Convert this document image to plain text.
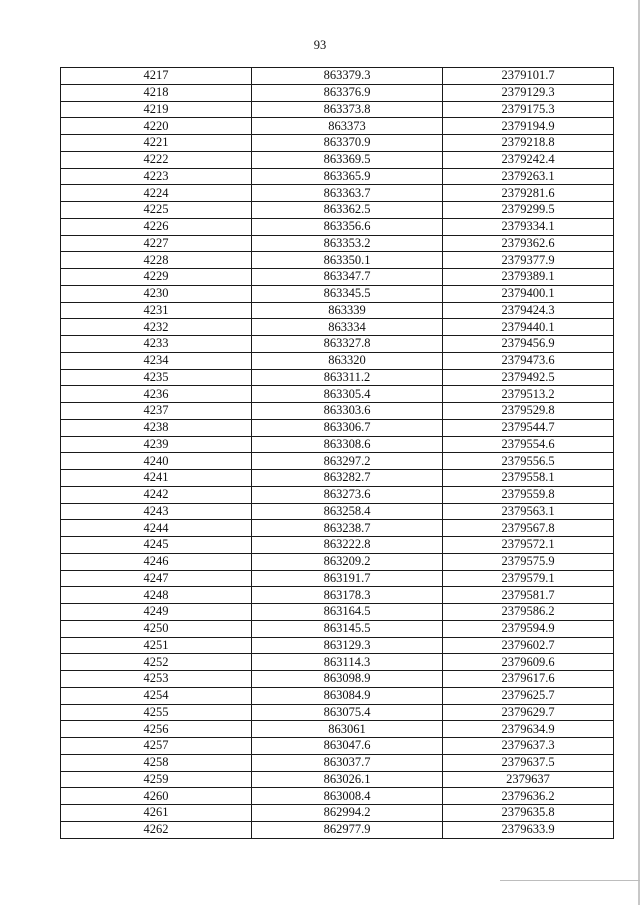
93
4217	863379.3	2379101.7
4218	863376.9	2379129.3
4219	863373.8	2379175.3
4220	863373	2379194.9
4221	863370.9	2379218.8
4222	863369.5	2379242.4
4223	863365.9	2379263.1
4224	863363.7	2379281.6
4225	863362.5	2379299.5
4226	863356.6	2379334.1
4227	863353.2	2379362.6
4228	863350.1	2379377.9
4229	863347.7	2379389.1
4230	863345.5	2379400.1
4231	863339	2379424.3
4232	863334	2379440.1
4233	863327.8	2379456.9
4234	863320	2379473.6
4235	863311.2	2379492.5
4236	863305.4	2379513.2
4237	863303.6	2379529.8
4238	863306.7	2379544.7
4239	863308.6	2379554.6
4240	863297.2	2379556.5
4241	863282.7	2379558.1
4242	863273.6	2379559.8
4243	863258.4	2379563.1
4244	863238.7	2379567.8
4245	863222.8	2379572.1
4246	863209.2	2379575.9
4247	863191.7	2379579.1
4248	863178.3	2379581.7
4249	863164.5	2379586.2
4250	863145.5	2379594.9
4251	863129.3	2379602.7
4252	863114.3	2379609.6
4253	863098.9	2379617.6
4254	863084.9	2379625.7
4255	863075.4	2379629.7
4256	863061	2379634.9
4257	863047.6	2379637.3
4258	863037.7	2379637.5
4259	863026.1	2379637
4260	863008.4	2379636.2
4261	862994.2	2379635.8
4262	862977.9	2379633.9
